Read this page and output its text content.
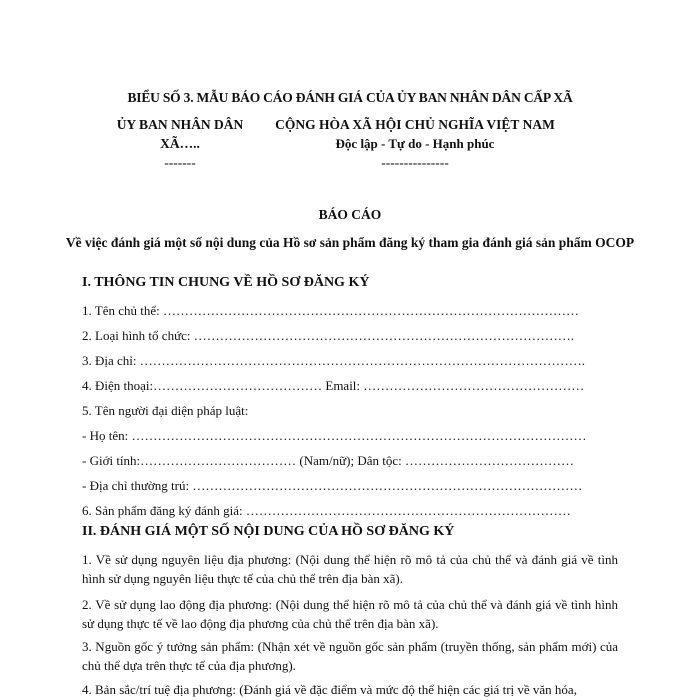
BIỂU SỐ 3. MẪU BÁO CÁO ĐÁNH GIÁ CỦA ỦY BAN NHÂN DÂN CẤP XÃ
ỦY BAN NHÂN DÂN
XÃ…..
-------
CỘNG HÒA XÃ HỘI CHỦ NGHĨA VIỆT NAM
Độc lập - Tự do - Hạnh phúc
---------------
BÁO CÁO
Về việc đánh giá một số nội dung của Hồ sơ sản phẩm đăng ký tham gia đánh giá sản phẩm OCOP
I. THÔNG TIN CHUNG VỀ HỒ SƠ ĐĂNG KÝ
1. Tên chủ thể: ……………………………………………………………………………………
2. Loại hình tổ chức: …………………………………………………………………………….
3. Địa chỉ: ………………………………………………………………………………………….
4. Điện thoại:………………………………… Email: ……………………………………………
5. Tên người đại diện pháp luật:
- Họ tên: ……………………………………………………………………………………………
- Giới tính:……………………………… (Nam/nữ); Dân tộc: …………………………………
- Địa chỉ thường trú: ………………………………………………………………………………
6. Sản phẩm đăng ký đánh giá: …………………………………………………………………
II. ĐÁNH GIÁ MỘT SỐ NỘI DUNG CỦA HỒ SƠ ĐĂNG KÝ
1. Về sử dụng nguyên liệu địa phương: (Nội dung thể hiện rõ mô tả của chủ thể và đánh giá về tình hình sử dụng nguyên liệu thực tế của chủ thể trên địa bàn xã).
2. Về sử dụng lao động địa phương: (Nội dung thể hiện rõ mô tả của chủ thể và đánh giá về tình hình sử dụng thực tế về lao động địa phương của chủ thể trên địa bàn xã).
3. Nguồn gốc ý tưởng sản phẩm: (Nhận xét về nguồn gốc sản phẩm (truyền thống, sản phẩm mới) của chủ thể dựa trên thực tế của địa phương).
4. Bản sắc/trí tuệ địa phương: (Đánh giá về đặc điểm và mức độ thể hiện các giá trị về văn hóa,
